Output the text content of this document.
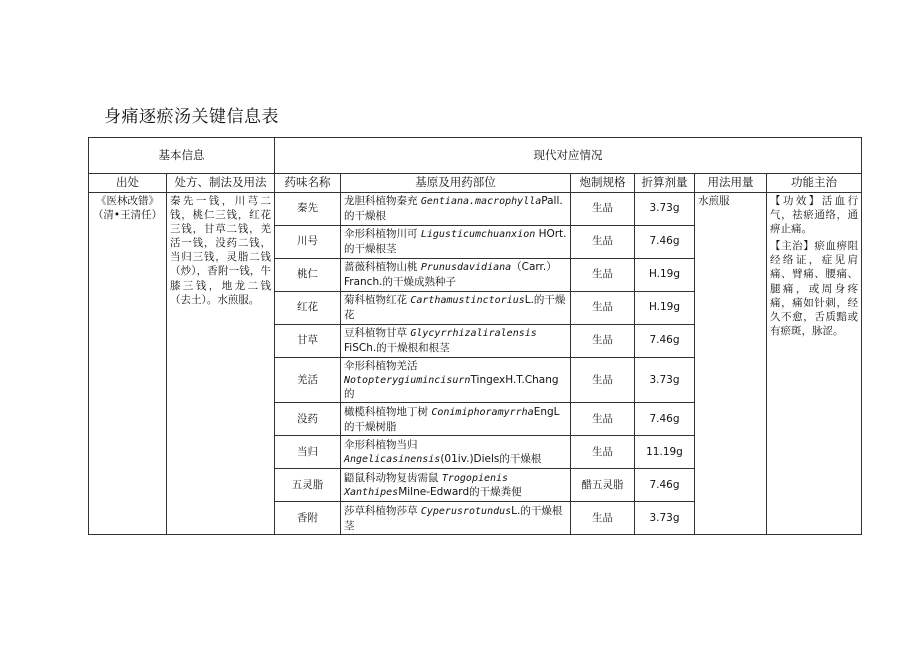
身痛逐瘀汤关键信息表
基本信息		现代对应情况					
出处	处方、制法及用法	药味名称	基原及用药部位	炮制规格	折算剂量	用法用量	功能主治
《医林改错》（清•王清任）	秦先一钱，川芎二钱，桃仁三钱，红花三钱，甘草二钱，羌活一钱，没药二钱，当归三钱，灵脂二钱（炒），香附一钱，牛膝三钱，地龙二钱（去土）。水煎服。	秦先	龙胆科植物秦充 Gentiana.macrophyllaPall.的干燥根	生品	3.73g	水煎服	【功效】活血行气，祛瘀通络，通痹止痛。

【主治】瘀血痹阻经络证，症见肩痛、臂痛、腰痛、腿痛，或周身疼痛，痛如针刺，经久不愈，舌质黯或有瘀斑，脉涩。

		川号	伞形科植物川可 Ligusticumchuanxion HOrt.的干燥根茎	生品	7.46g		
		桃仁	蔷薇科植物山桃 Prunusdavidiana（Carr.）Franch.的干燥成熟种子	生品	H.19g		
		红花	菊科植物红花 CarthamustinctoriusL.的干燥花	生品	H.19g		
		甘草	豆科植物甘草 Glycyrrhizaliralensis FiSCh.的干燥根和根茎	生品	7.46g		
		羌活	伞形科植物羌活 NotopterygiumincisurnTingexH.T.Chang的	生品	3.73g		
		没药	橄榄科植物地丁树 ConimiphoramyrrhaEngL的干燥树脂	生品	7.46g		
		当归	伞形科植物当归 Angelicasinensis(01iv.)Diels的干燥根	生品	11.19g		
		五灵脂	鼯鼠科动物复齿需鼠 Trogopienis XanthipesMilne-Edward的干燥粪便	醋五灵脂	7.46g		
		香附	莎草科植物莎草 CyperusrotundusL.的干燥根茎	生品	3.73g		
